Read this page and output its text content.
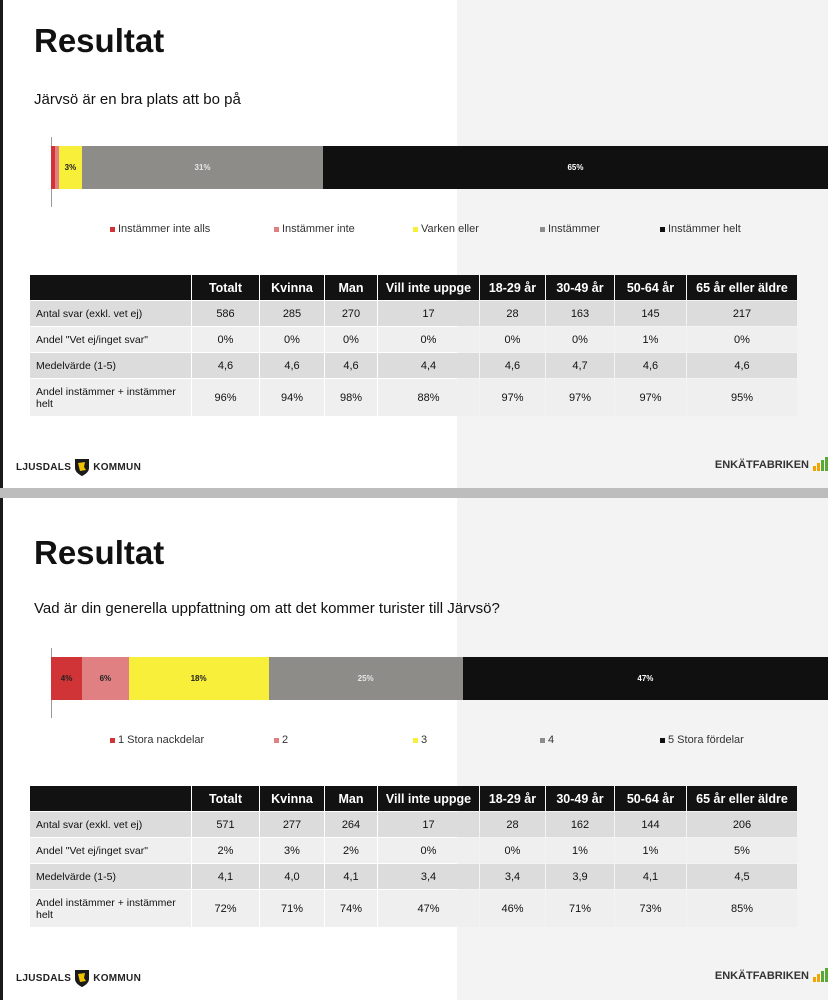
Resultat
Järvsö är en bra plats att bo på
3%	31%	65%
Instämmer inte alls	Instämmer inte	Varken eller	Instämmer	Instämmer helt
	Totalt	Kvinna	Man	Vill inte uppge	18-29 år	30-49 år	50-64 år	65 år eller äldre
Antal svar (exkl. vet ej)	586	285	270	17	28	163	145	217
Andel "Vet ej/inget svar"	0%	0%	0%	0%	0%	0%	1%	0%
Medelvärde (1-5)	4,6	4,6	4,6	4,4	4,6	4,7	4,6	4,6
Andel instämmer + instämmer helt	96%	94%	98%	88%	97%	97%	97%	95%
LJUSDALS KOMMUN	ENKÄTFABRIKEN
Resultat
Vad är din generella uppfattning om att det kommer turister till Järvsö?
4%	6%	18%	25%	47%
1 Stora nackdelar	2	3	4	5 Stora fördelar
	Totalt	Kvinna	Man	Vill inte uppge	18-29 år	30-49 år	50-64 år	65 år eller äldre
Antal svar (exkl. vet ej)	571	277	264	17	28	162	144	206
Andel "Vet ej/inget svar"	2%	3%	2%	0%	0%	1%	1%	5%
Medelvärde (1-5)	4,1	4,0	4,1	3,4	3,4	3,9	4,1	4,5
Andel instämmer + instämmer helt	72%	71%	74%	47%	46%	71%	73%	85%
LJUSDALS KOMMUN	ENKÄTFABRIKEN
